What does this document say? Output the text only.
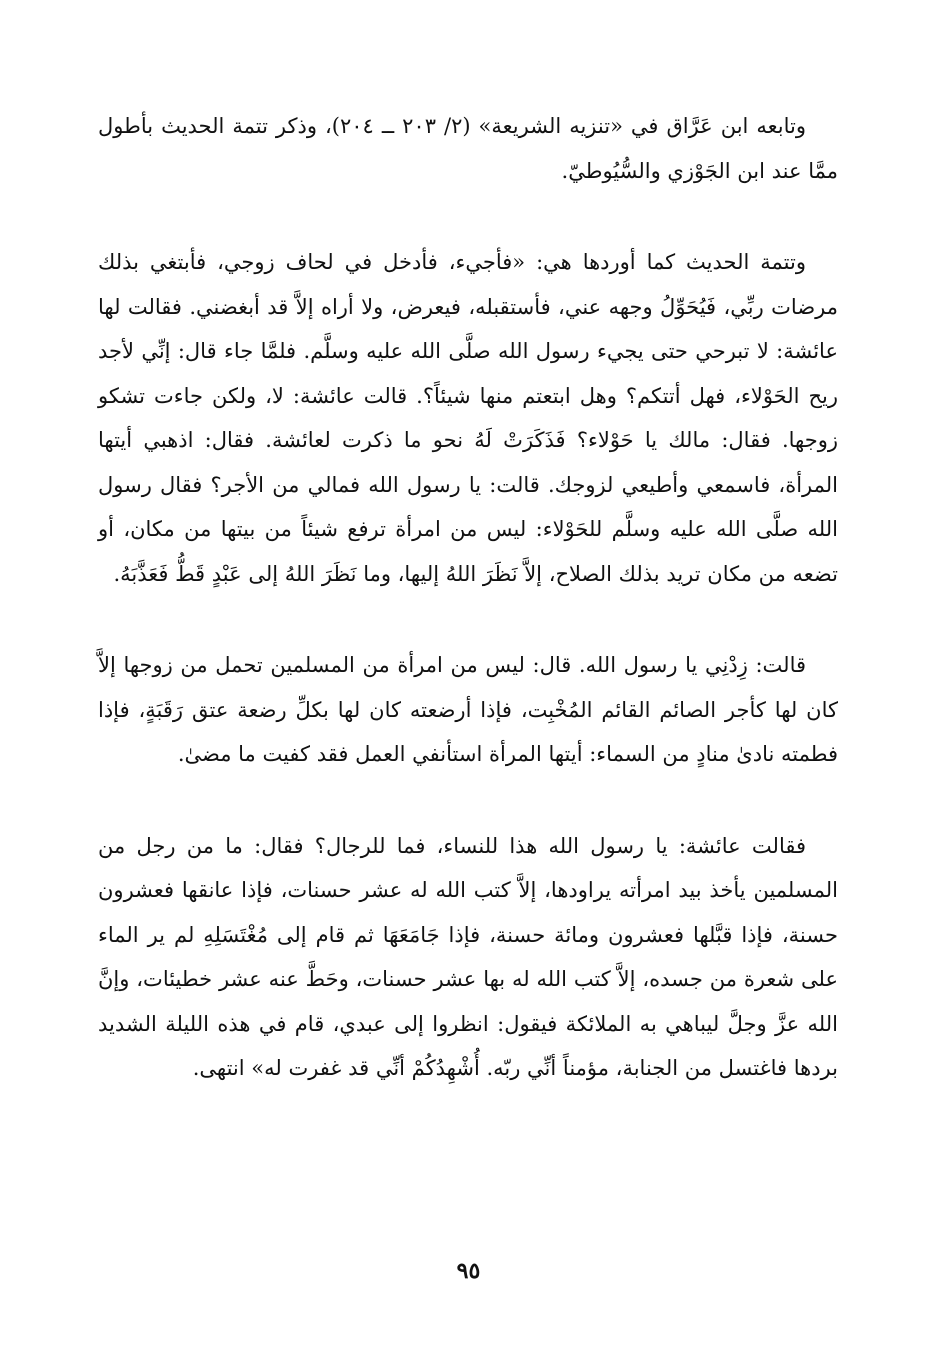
وتابعه ابن عَرَّاق في «تنزيه الشريعة» (٢/ ٢٠٣ ــ ٢٠٤)، وذكر تتمة الحديث بأطول ممَّا عند ابن الجَوْزي والسُّيُوطيّ.

وتتمة الحديث كما أوردها هي: «فأجيء، فأدخل في لحاف زوجي، فأبتغي بذلك مرضات ربِّي، فَيُحَوِّلُ وجهه عني، فأستقبله، فيعرض، ولا أراه إلاَّ قد أبغضني. فقالت لها عائشة: لا تبرحي حتى يجيء رسول الله صلَّى الله عليه وسلَّم. فلمَّا جاء قال: إنِّي لأجد ريح الحَوْلاء، فهل أتتكم؟ وهل ابتعتم منها شيئاً؟. قالت عائشة: لا، ولكن جاءت تشكو زوجها. فقال: مالك يا حَوْلاء؟ فَذَكَرَتْ لَهُ نحو ما ذكرت لعائشة. فقال: اذهبي أيتها المرأة، فاسمعي وأطيعي لزوجك. قالت: يا رسول الله فمالي من الأجر؟ فقال رسول الله صلَّى الله عليه وسلَّم للحَوْلاء: ليس من امرأة ترفع شيئاً من بيتها من مكان، أو تضعه من مكان تريد بذلك الصلاح، إلاَّ نَظَرَ اللهُ إليها، وما نَظَرَ اللهُ إلى عَبْدٍ قَطُّ فَعَذَّبَهُ.

قالت: زِدْنِي يا رسول الله. قال: ليس من امرأة من المسلمين تحمل من زوجها إلاَّ كان لها كأجر الصائم القائم المُخْبِت، فإذا أرضعته كان لها بكلِّ رضعة عتق رَقَبَةٍ، فإذا فطمته نادىٰ منادٍ من السماء: أيتها المرأة استأنفي العمل فقد كفيت ما مضىٰ.

فقالت عائشة: يا رسول الله هذا للنساء، فما للرجال؟ فقال: ما من رجل من المسلمين يأخذ بيد امرأته يراودها، إلاَّ كتب الله له عشر حسنات، فإذا عانقها فعشرون حسنة، فإذا قبَّلها فعشرون ومائة حسنة، فإذا جَامَعَهَا ثم قام إلى مُغْتَسَلِهِ لم ير الماء على شعرة من جسده، إلاَّ كتب الله له بها عشر حسنات، وحَطَّ عنه عشر خطيئات، وإنَّ الله عزَّ وجلَّ ليباهي به الملائكة فيقول: انظروا إلى عبدي، قام في هذه الليلة الشديد بردها فاغتسل من الجنابة، مؤمناً أنِّي ربّه. أُشْهِدُكُمْ أنِّي قد غفرت له» انتهى.

٩٥
